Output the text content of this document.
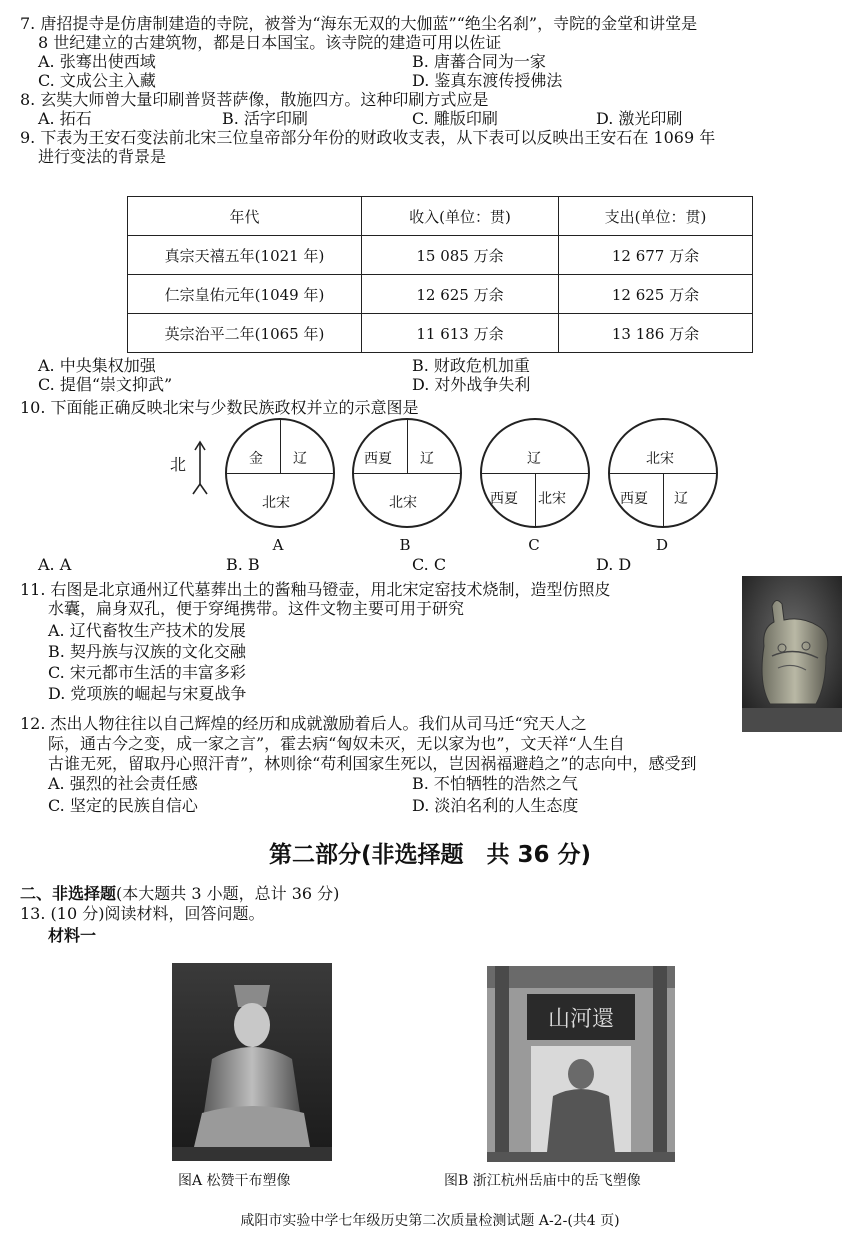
7. 唐招提寺是仿唐制建造的寺院，被誉为“海东无双的大伽蓝”“绝尘名刹”，寺院的金堂和讲堂是
8 世纪建立的古建筑物，都是日本国宝。该寺院的建造可用以佐证
A. 张骞出使西域	B. 唐蕃合同为一家
C. 文成公主入藏	D. 鉴真东渡传授佛法
8. 玄奘大师曾大量印刷普贤菩萨像，散施四方。这种印刷方式应是
A. 拓石	B. 活字印刷	C. 雕版印刷	D. 激光印刷
9. 下表为王安石变法前北宋三位皇帝部分年份的财政收支表，从下表可以反映出王安石在 1069 年
进行变法的背景是
年代	收入(单位：贯)	支出(单位：贯)
真宗天禧五年(1021 年)	15 085 万余	12 677 万余
仁宗皇佑元年(1049 年)	12 625 万余	12 625 万余
英宗治平二年(1065 年)	11 613 万余	13 186 万余
A. 中央集权加强	B. 财政危机加重
C. 提倡“崇文抑武”	D. 对外战争失利
10. 下面能正确反映北宋与少数民族政权并立的示意图是
北	金 辽
北宋
A
西夏 辽
北宋
B
辽
西夏 北宋
C
北宋
西夏 辽
D
A. A	B. B	C. C	D. D
11. 右图是北京通州辽代墓葬出土的酱釉马镫壶，用北宋定窑技术烧制，造型仿照皮
水囊，扁身双孔，便于穿绳携带。这件文物主要可用于研究
A. 辽代畜牧生产技术的发展
B. 契丹族与汉族的文化交融
C. 宋元都市生活的丰富多彩
D. 党项族的崛起与宋夏战争
12. 杰出人物往往以自己辉煌的经历和成就激励着后人。我们从司马迁“究天人之
际，通古今之变，成一家之言”，霍去病“匈奴未灭，无以家为也”，文天祥“人生自
古谁无死，留取丹心照汗青”，林则徐“苟利国家生死以，岂因祸福避趋之”的志向中，感受到
A. 强烈的社会责任感	B. 不怕牺牲的浩然之气
C. 坚定的民族自信心	D. 淡泊名利的人生态度
第二部分(非选择题　共 36 分)
二、非选择题(本大题共 3 小题，总计 36 分)
13. (10 分)阅读材料，回答问题。
材料一
图A 松赞干布塑像
山河還
图B 浙江杭州岳庙中的岳飞塑像
咸阳市实验中学七年级历史第二次质量检测试题 A-2-(共4 页)
